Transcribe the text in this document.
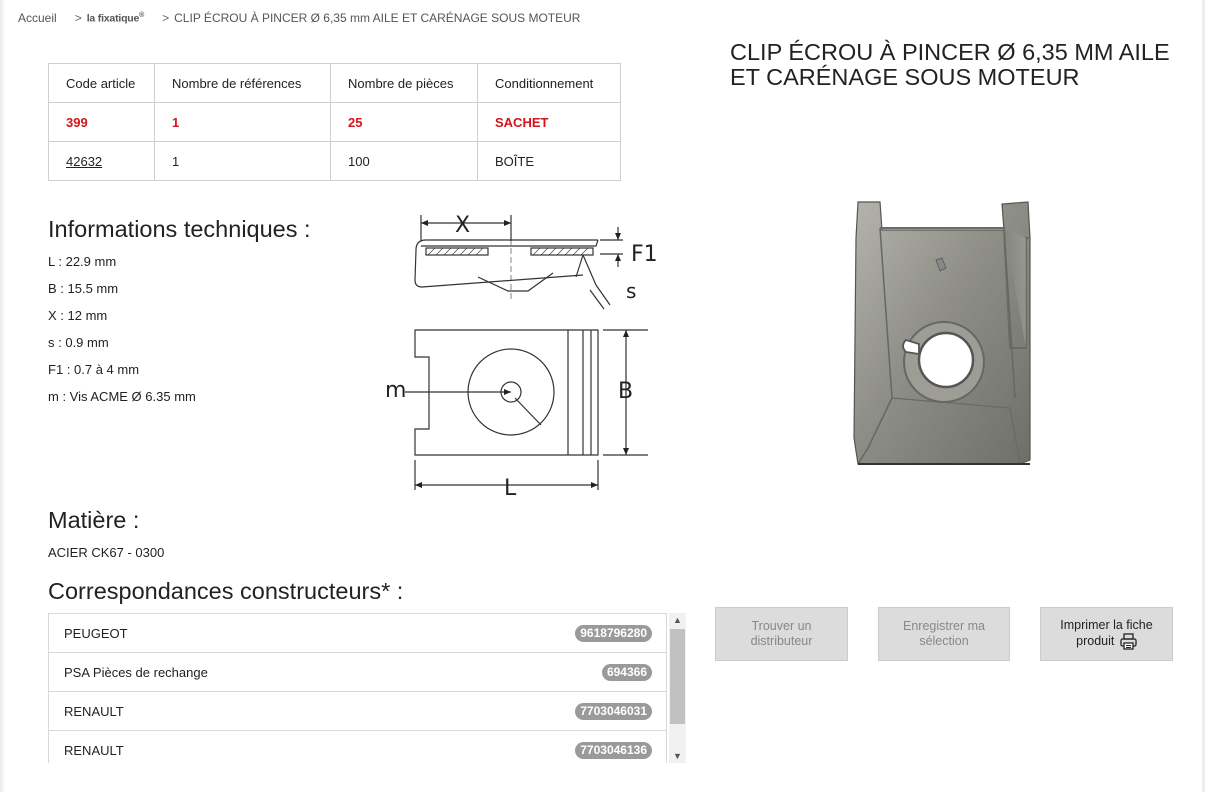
Accueil > la fixatique® > CLIP ÉCROU À PINCER Ø 6,35 mm AILE ET CARÉNAGE SOUS MOTEUR
Code article	Nombre de références	Nombre de pièces	Conditionnement
399	1	25	SACHET
42632	1	100	BOÎTE
CLIP ÉCROU À PINCER Ø 6,35 MM AILE ET CARÉNAGE SOUS MOTEUR
Informations techniques :
L : 22.9 mm
B : 15.5 mm
X : 12 mm
s : 0.9 mm
F1 : 0.7 à 4 mm
m : Vis ACME Ø 6.35 mm
X
F1
s
m	B
L
Matière :
ACIER CK67 - 0300
Correspondances constructeurs* :
PEUGEOT	9618796280
PSA Pièces de rechange	694366
RENAULT	7703046031
RENAULT	7703046136
▲
▼
Trouver un distributeur
Enregistrer ma sélection
Imprimer la fiche produit
